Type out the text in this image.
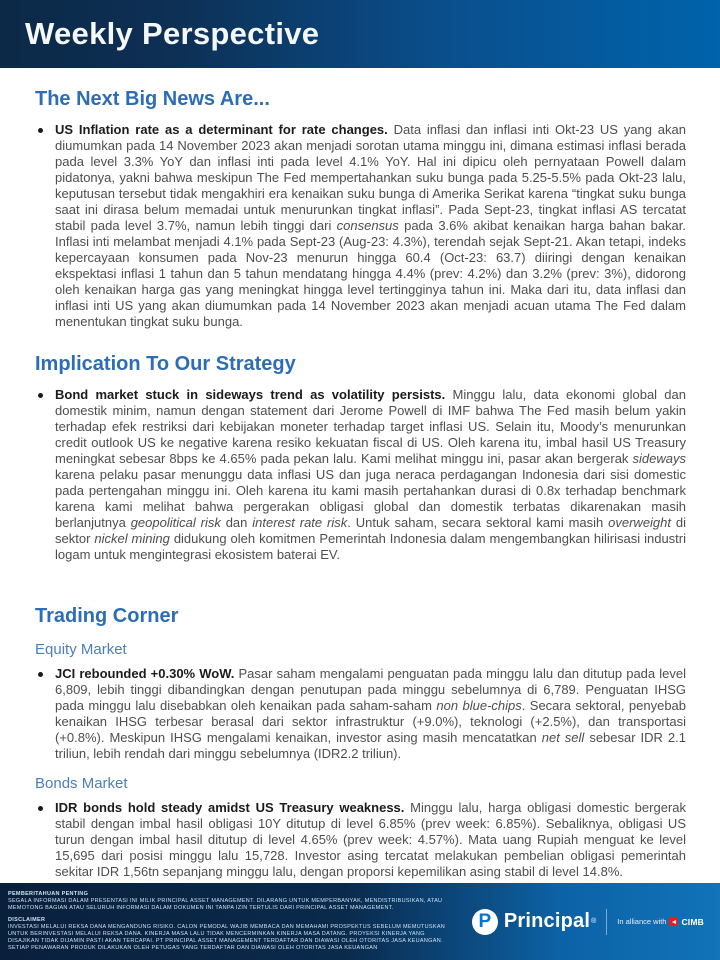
Weekly Perspective
The Next Big News Are...

US Inflation rate as a determinant for rate changes. Data inflasi dan inflasi inti Okt-23 US yang akan diumumkan pada 14 November 2023 akan menjadi sorotan utama minggu ini, dimana estimasi inflasi berada pada level 3.3% YoY dan inflasi inti pada level 4.1% YoY. Hal ini dipicu oleh pernyataan Powell dalam pidatonya, yakni bahwa meskipun The Fed mempertahankan suku bunga pada 5.25-5.5% pada Okt-23 lalu, keputusan tersebut tidak mengakhiri era kenaikan suku bunga di Amerika Serikat karena “tingkat suku bunga saat ini dirasa belum memadai untuk menurunkan tingkat inflasi”. Pada Sept-23, tingkat inflasi AS tercatat stabil pada level 3.7%, namun lebih tinggi dari consensus pada 3.6% akibat kenaikan harga bahan bakar. Inflasi inti melambat menjadi 4.1% pada Sept-23 (Aug-23: 4.3%), terendah sejak Sept-21. Akan tetapi, indeks kepercayaan konsumen pada Nov-23 menurun hingga 60.4 (Oct-23: 63.7) diiringi dengan kenaikan ekspektasi inflasi 1 tahun dan 5 tahun mendatang hingga 4.4% (prev: 4.2%) dan 3.2% (prev: 3%), didorong oleh kenaikan harga gas yang meningkat hingga level tertingginya tahun ini. Maka dari itu, data inflasi dan inflasi inti US yang akan diumumkan pada 14 November 2023 akan menjadi acuan utama The Fed dalam menentukan tingkat suku bunga.

Implication To Our Strategy

Bond market stuck in sideways trend as volatility persists. Minggu lalu, data ekonomi global dan domestik minim, namun dengan statement dari Jerome Powell di IMF bahwa The Fed masih belum yakin terhadap efek restriksi dari kebijakan moneter terhadap target inflasi US. Selain itu, Moody’s menurunkan credit outlook US ke negative karena resiko kekuatan fiscal di US. Oleh karena itu, imbal hasil US Treasury meningkat sebesar 8bps ke 4.65% pada pekan lalu. Kami melihat minggu ini, pasar akan bergerak sideways karena pelaku pasar menunggu data inflasi US dan juga neraca perdagangan Indonesia dari sisi domestic pada pertengahan minggu ini. Oleh karena itu kami masih pertahankan durasi di 0.8x terhadap benchmark karena kami melihat bahwa pergerakan obligasi global dan domestik terbatas dikarenakan masih berlanjutnya geopolitical risk dan interest rate risk. Untuk saham, secara sektoral kami masih overweight di sektor nickel mining didukung oleh komitmen Pemerintah Indonesia dalam mengembangkan hilirisasi industri logam untuk mengintegrasi ekosistem baterai EV.

Trading Corner
Equity Market

JCI rebounded +0.30% WoW. Pasar saham mengalami penguatan pada minggu lalu dan ditutup pada level 6,809, lebih tinggi dibandingkan dengan penutupan pada minggu sebelumnya di 6,789. Penguatan IHSG pada minggu lalu disebabkan oleh kenaikan pada saham-saham non blue-chips. Secara sektoral, penyebab kenaikan IHSG terbesar berasal dari sektor infrastruktur (+9.0%), teknologi (+2.5%), dan transportasi (+0.8%). Meskipun IHSG mengalami kenaikan, investor asing masih mencatatkan net sell sebesar IDR 2.1 triliun, lebih rendah dari minggu sebelumnya (IDR2.2 triliun).

Bonds Market

IDR bonds hold steady amidst US Treasury weakness. Minggu lalu, harga obligasi domestic bergerak stabil dengan imbal hasil obligasi 10Y ditutup di level 6.85% (prev week: 6.85%). Sebaliknya, obligasi US turun dengan imbal hasil ditutup di level 4.65% (prev week: 4.57%). Mata uang Rupiah menguat ke level 15,695 dari posisi minggu lalu 15,728. Investor asing tercatat melakukan pembelian obligasi pemerintah sekitar IDR 1,56tn sepanjang minggu lalu, dengan proporsi kepemilikan asing stabil di level 14.8%.

PEMBERITAHUAN PENTING

SEGALA INFORMASI DALAM PRESENTASI INI MILIK PRINCIPAL ASSET MANAGEMENT. DILARANG UNTUK MEMPERBANYAK, MENDISTRIBUSIKAN, ATAU MEMOTONG BAGIAN ATAU SELURUH INFORMASI DALAM DOKUMEN INI TANPA IZIN TERTULIS DARI PRINCIPAL ASSET MANAGEMENT.

DISCLAIMER

INVESTASI MELALUI REKSA DANA MENGANDUNG RISIKO. CALON PEMODAL WAJIB MEMBACA DAN MEMAHAMI PROSPEKTUS SEBELUM MEMUTUSKAN UNTUK BERINVESTASI MELALUI REKSA DANA. KINERJA MASA LALU TIDAK MENCERMINKAN KINERJA MASA DATANG. PROYEKSI KINERJA YANG DISAJIKAN TIDAK DIJAMIN PASTI AKAN TERCAPAI. PT PRINCIPAL ASSET MANAGEMENT TERDAFTAR DAN DIAWASI OLEH OTORITAS JASA KEUANGAN. SETIAP PENAWARAN PRODUK DILAKUKAN OLEH PETUGAS YANG TERDAFTAR DAN DIAWASI OLEH OTORITAS JASA KEUANGAN

P Principal ®	In alliance with CIMB
